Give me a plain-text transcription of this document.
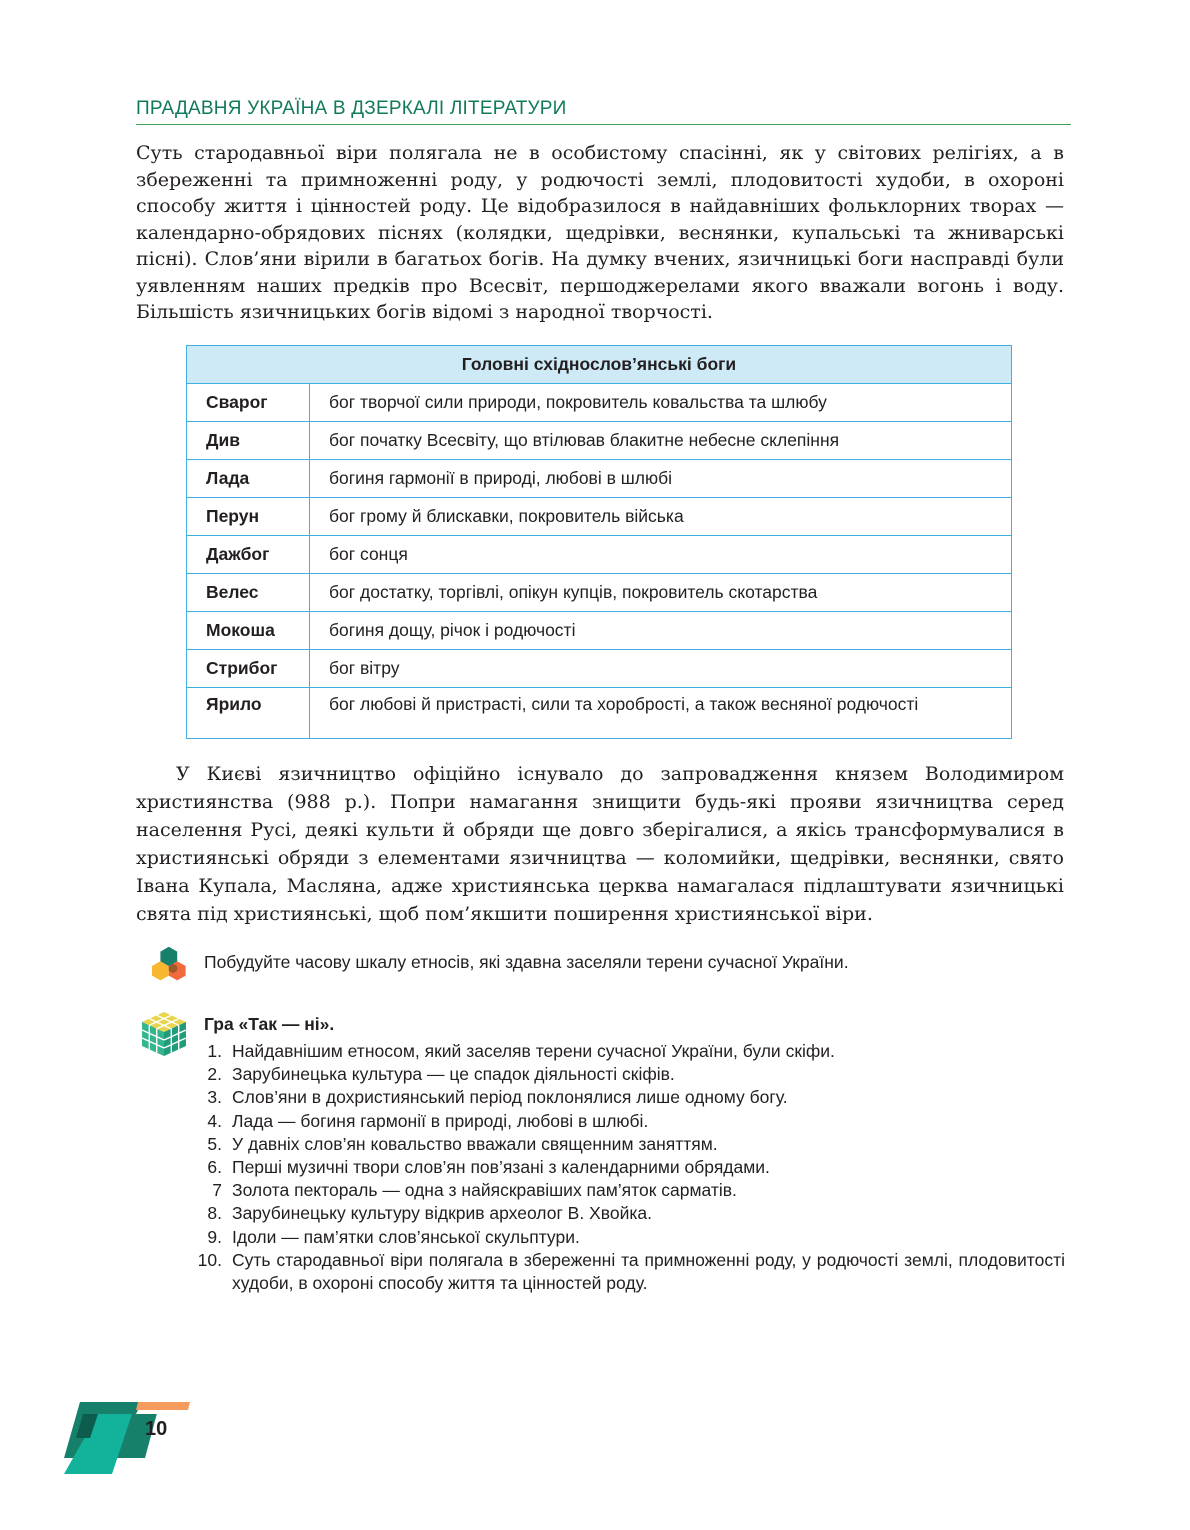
ПРАДАВНЯ УКРАЇНА В ДЗЕРКАЛІ ЛІТЕРАТУРИ

Суть стародавньої віри полягала не в особистому спасінні, як у світових релігіях, а в збереженні та примноженні роду, у родючості землі, плодовитості худоби, в охороні способу життя і цінностей роду. Це відобразилося в найдавніших фольклорних творах — календарно-обрядових піснях (колядки, щедрівки, веснянки, купальські та жниварські пісні). Слов’яни вірили в багатьох богів. На думку вчених, язичницькі боги насправді були уявленням наших предків про Всесвіт, першоджерелами якого вважали вогонь і воду. Більшість язичницьких богів відомі з народної творчості.

Головні східнослов’янські боги	
Сварог	бог творчої сили природи, покровитель ковальства та шлюбу
Див	бог початку Всесвіту, що втілював блакитне небесне склепіння
Лада	богиня гармонії в природі, любові в шлюбі
Перун	бог грому й блискавки, покровитель війська
Дажбог	бог сонця
Велес	бог достатку, торгівлі, опікун купців, покровитель скотарства
Мокоша	богиня дощу, річок і родючості
Стрибог	бог вітру
Ярило	бог любові й пристрасті, сили та хоробрості, а також весняної родючості

У Києві язичництво офіційно існувало до запровадження князем Володимиром християнства (988 р.). Попри намагання знищити будь-які прояви язичництва серед населення Русі, деякі культи й обряди ще довго зберігалися, а якісь трансформувалися в християнські обряди з елементами язичництва — коломийки, щедрівки, веснянки, свято Івана Купала, Масляна, адже християнська церква намагалася підлаштувати язичницькі свята під християнські, щоб пом’якшити поширення християнської віри.

Побудуйте часову шкалу етносів, які здавна заселяли терени сучасної України.
Гра «Так — ні».
1. Найдавнішим етносом, який заселяв терени сучасної України, були скіфи.
2. Зарубинецька культура — це спадок діяльності скіфів.
3. Слов’яни в дохристиянський період поклонялися лише одному богу.
4. Лада — богиня гармонії в природі, любові в шлюбі.
5. У давніх слов’ян ковальство вважали священним заняттям.
6. Перші музичні твори слов’ян пов’язані з календарними обрядами.
7 Золота пектораль — одна з найяскравіших пам’яток сарматів.
8. Зарубинецьку культуру відкрив археолог В. Хвойка.
9. Ідоли — пам’ятки слов’янської скульптури.
10. Суть стародавньої віри полягала в збереженні та примноженні роду, у родючості землі, плодовитості худоби, в охороні способу життя та цінностей роду.
10
